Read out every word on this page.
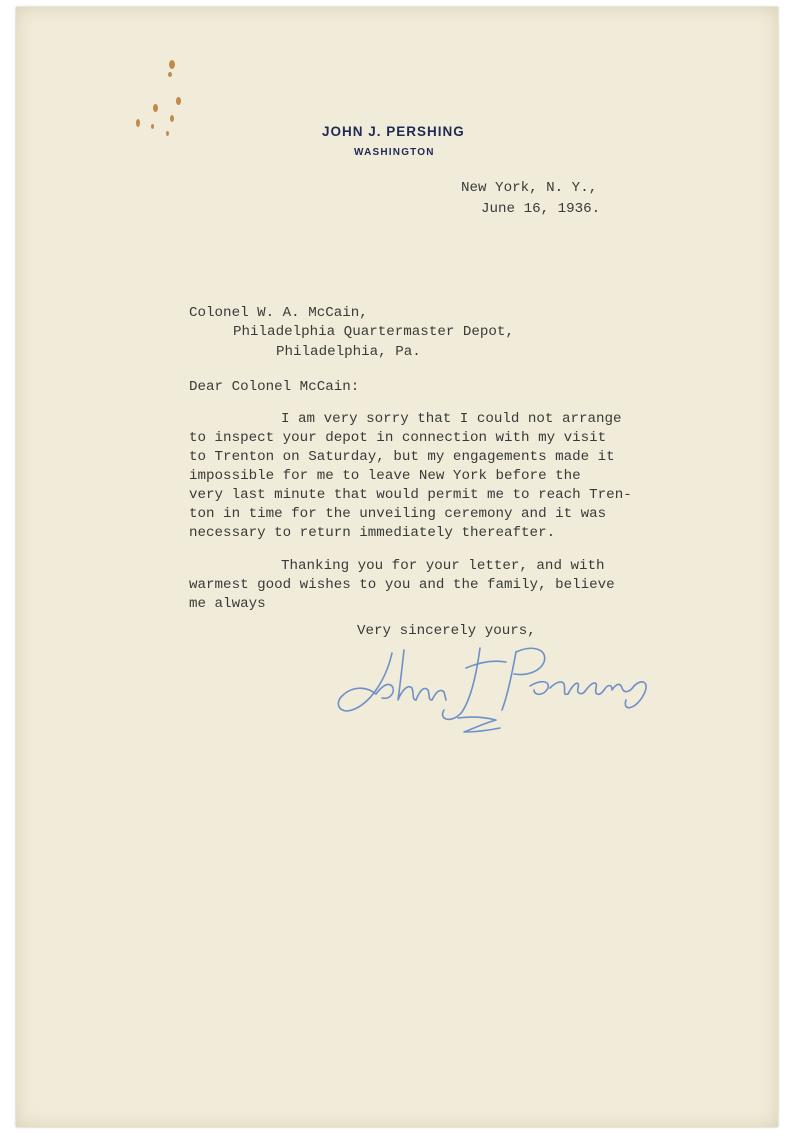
JOHN J. PERSHING
WASHINGTON
New York, N. Y.,
June 16, 1936.
Colonel W. A. McCain,
Philadelphia Quartermaster Depot,
Philadelphia, Pa.
Dear Colonel McCain:
I am very sorry that I could not arrange
to inspect your depot in connection with my visit
to Trenton on Saturday, but my engagements made it
impossible for me to leave New York before the
very last minute that would permit me to reach Tren-
ton in time for the unveiling ceremony and it was
necessary to return immediately thereafter.
Thanking you for your letter, and with
warmest good wishes to you and the family, believe
me always
Very sincerely yours,
